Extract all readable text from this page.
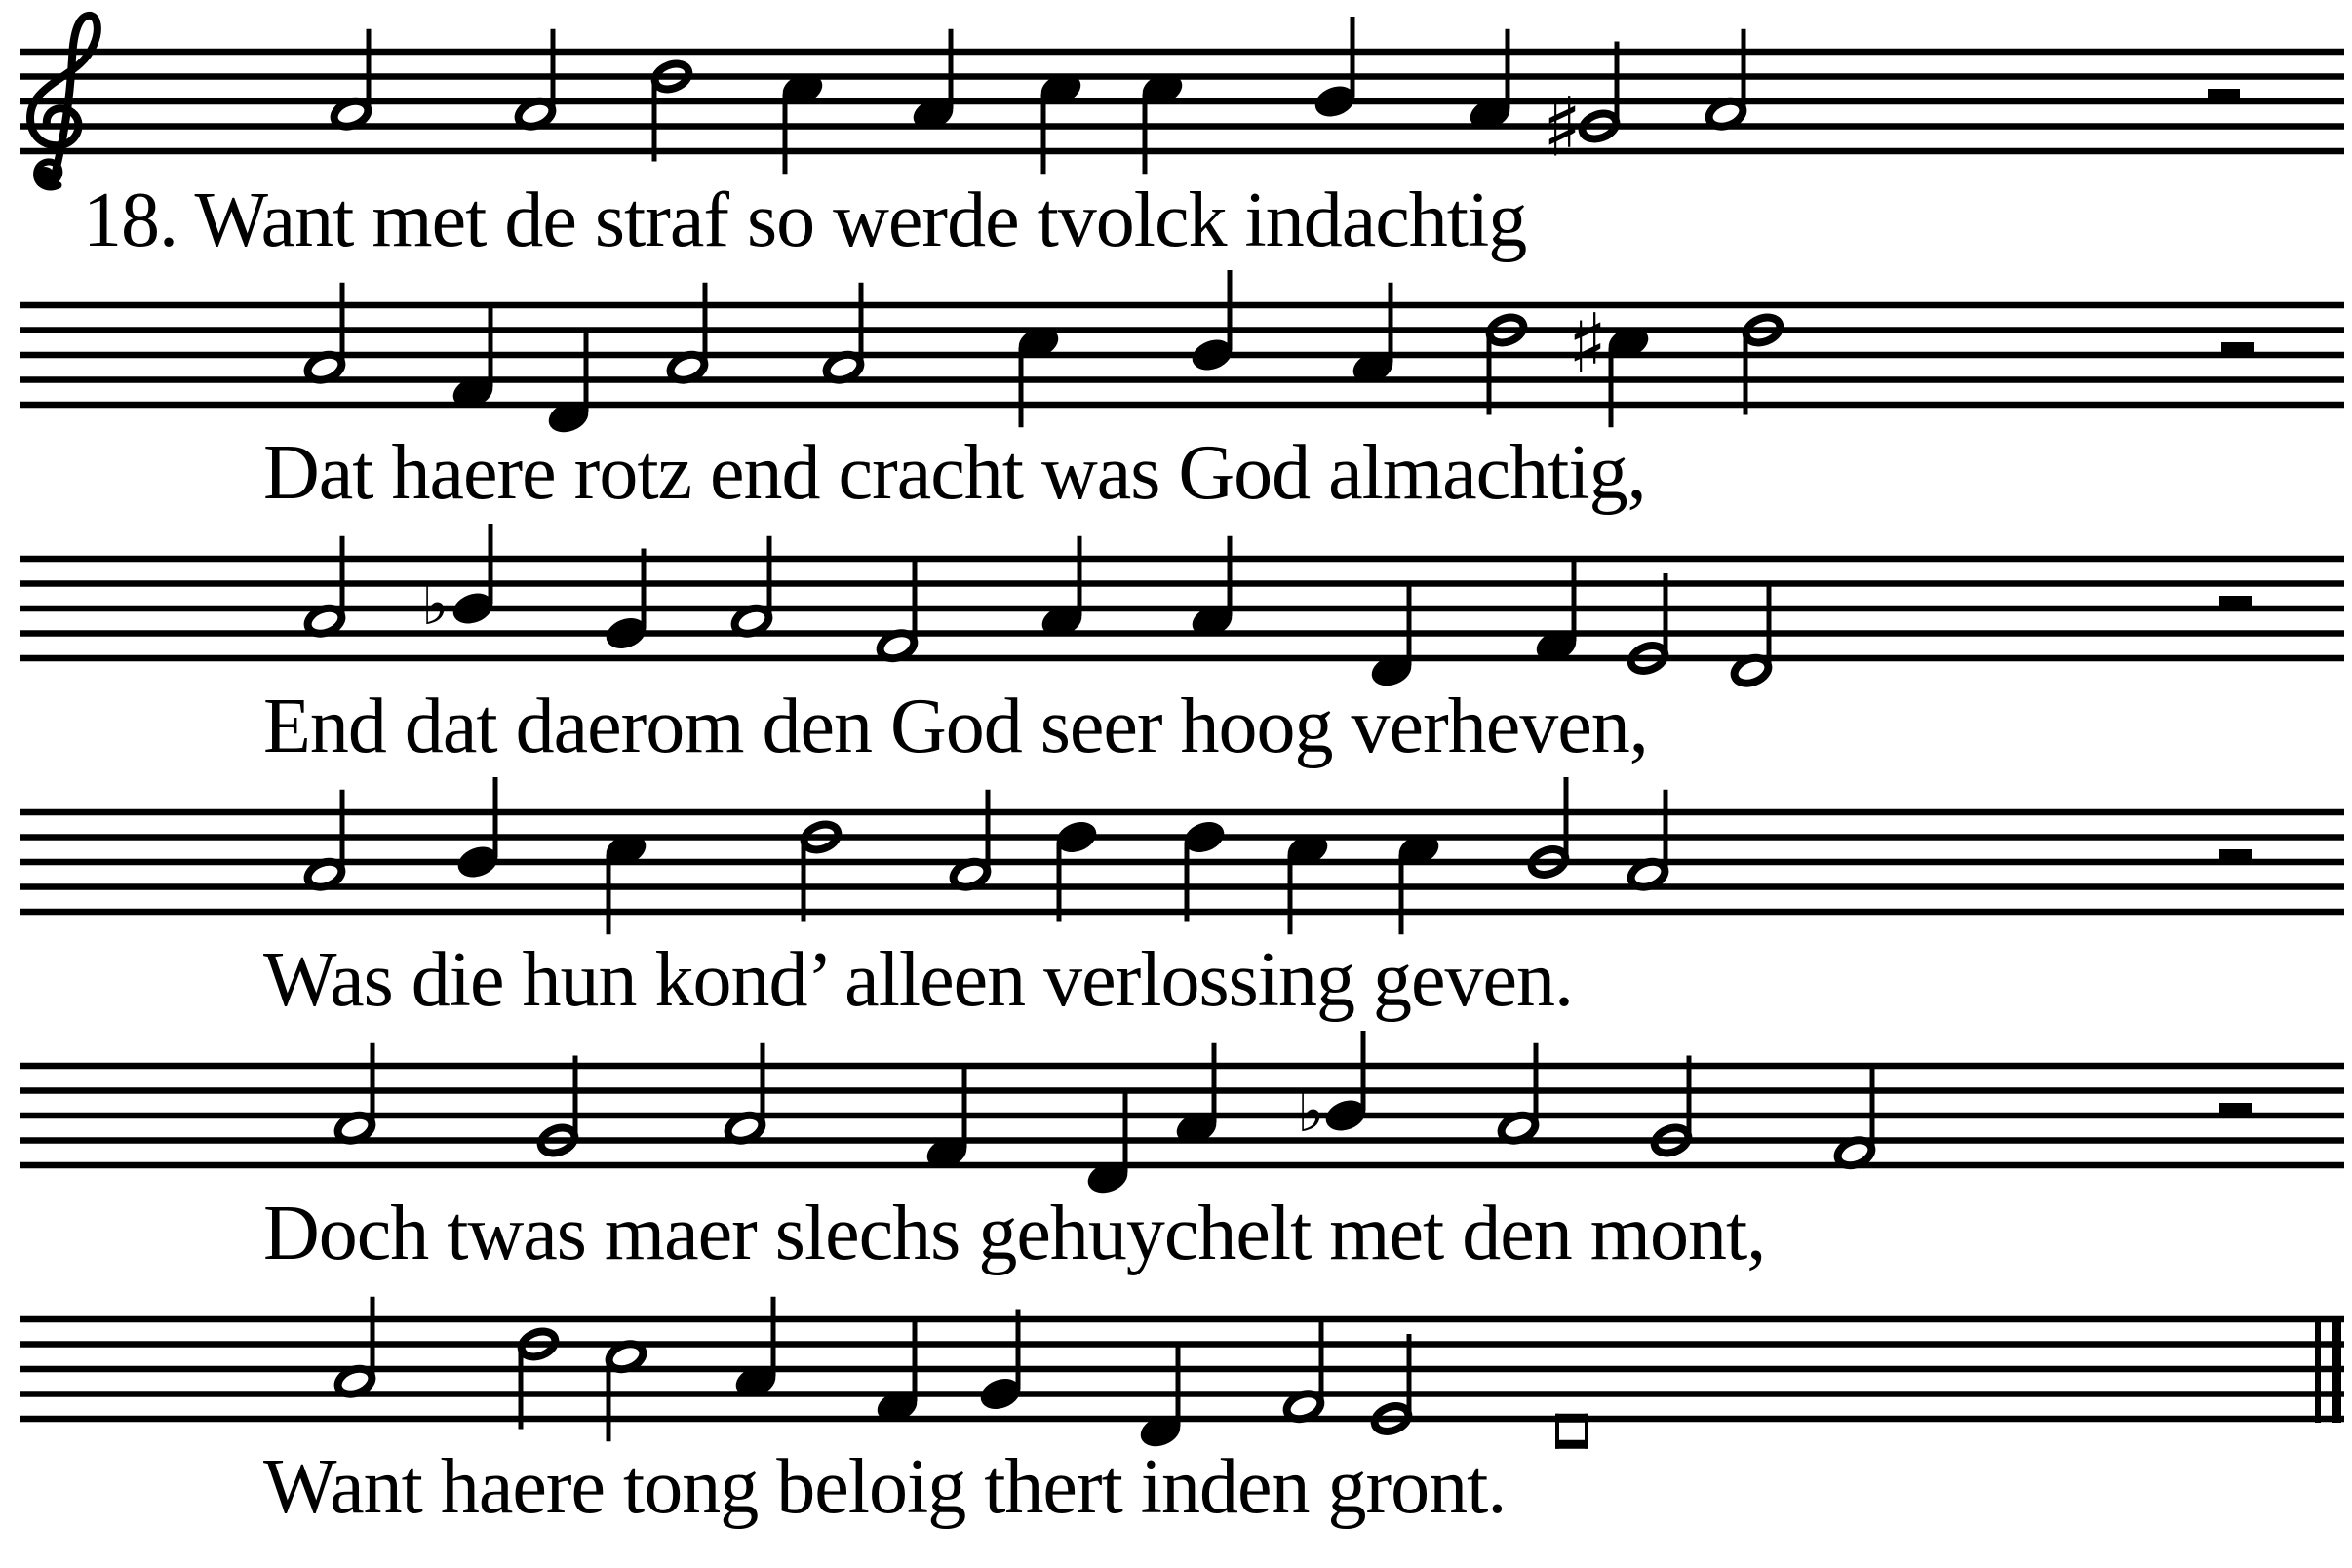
♯
♯
♭
♭
18. Want met de straf so werde tvolck indachtig
Dat haere rotz end cracht was God almachtig,
End dat daerom den God seer hoog verheven,
Was die hun kond’ alleen verlossing geven.
Doch twas maer slechs gehuychelt met den mont,
Want haere tong beloig thert inden gront.
